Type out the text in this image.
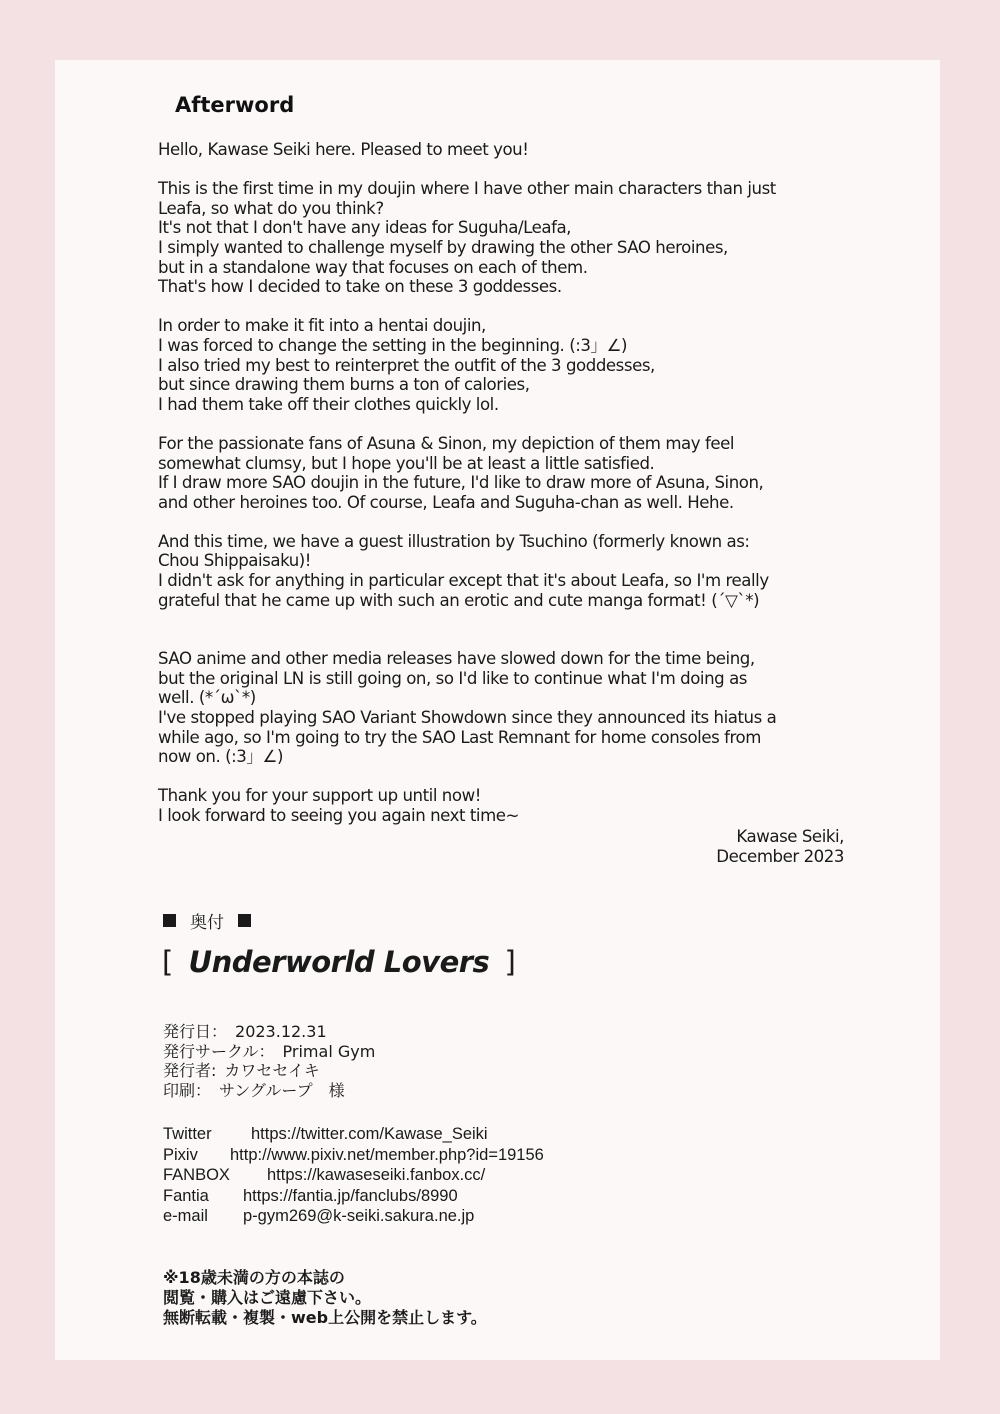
Afterword
Hello, Kawase Seiki here. Pleased to meet you!
This is the first time in my doujin where I have other main characters than just
Leafa, so what do you think?
It's not that I don't have any ideas for Suguha/Leafa,
I simply wanted to challenge myself by drawing the other SAO heroines,
but in a standalone way that focuses on each of them.
That's how I decided to take on these 3 goddesses.
In order to make it fit into a hentai doujin,
I was forced to change the setting in the beginning. (:3」∠)
I also tried my best to reinterpret the outfit of the 3 goddesses,
but since drawing them burns a ton of calories,
I had them take off their clothes quickly lol.
For the passionate fans of Asuna & Sinon, my depiction of them may feel
somewhat clumsy, but I hope you'll be at least a little satisfied.
If I draw more SAO doujin in the future, I'd like to draw more of Asuna, Sinon,
and other heroines too. Of course, Leafa and Suguha-chan as well. Hehe.
And this time, we have a guest illustration by Tsuchino (formerly known as:
Chou Shippaisaku)!
I didn't ask for anything in particular except that it's about Leafa, so I'm really
grateful that he came up with such an erotic and cute manga format! (´▽`*)
SAO anime and other media releases have slowed down for the time being,
but the original LN is still going on, so I'd like to continue what I'm doing as
well. (*´ω`*)
I've stopped playing SAO Variant Showdown since they announced its hiatus a
while ago, so I'm going to try the SAO Last Remnant for home consoles from
now on. (:3」∠)
Thank you for your support up until now!
I look forward to seeing you again next time~
Kawase Seiki,
December 2023
奥付
[ Underworld Lovers ]
発行日： 2023.12.31
発行サークル： Primal Gym
発行者: カワセセイキ
印刷： サングループ　様
Twitter https://twitter.com/Kawase_Seiki
Pixiv http://www.pixiv.net/member.php?id=19156
FANBOX https://kawaseseiki.fanbox.cc/
Fantia https://fantia.jp/fanclubs/8990
e-mail p-gym269@k-seiki.sakura.ne.jp
※18歳未満の方の本誌の
閲覧・購入はご遠慮下さい。
無断転載・複製・web上公開を禁止します。
